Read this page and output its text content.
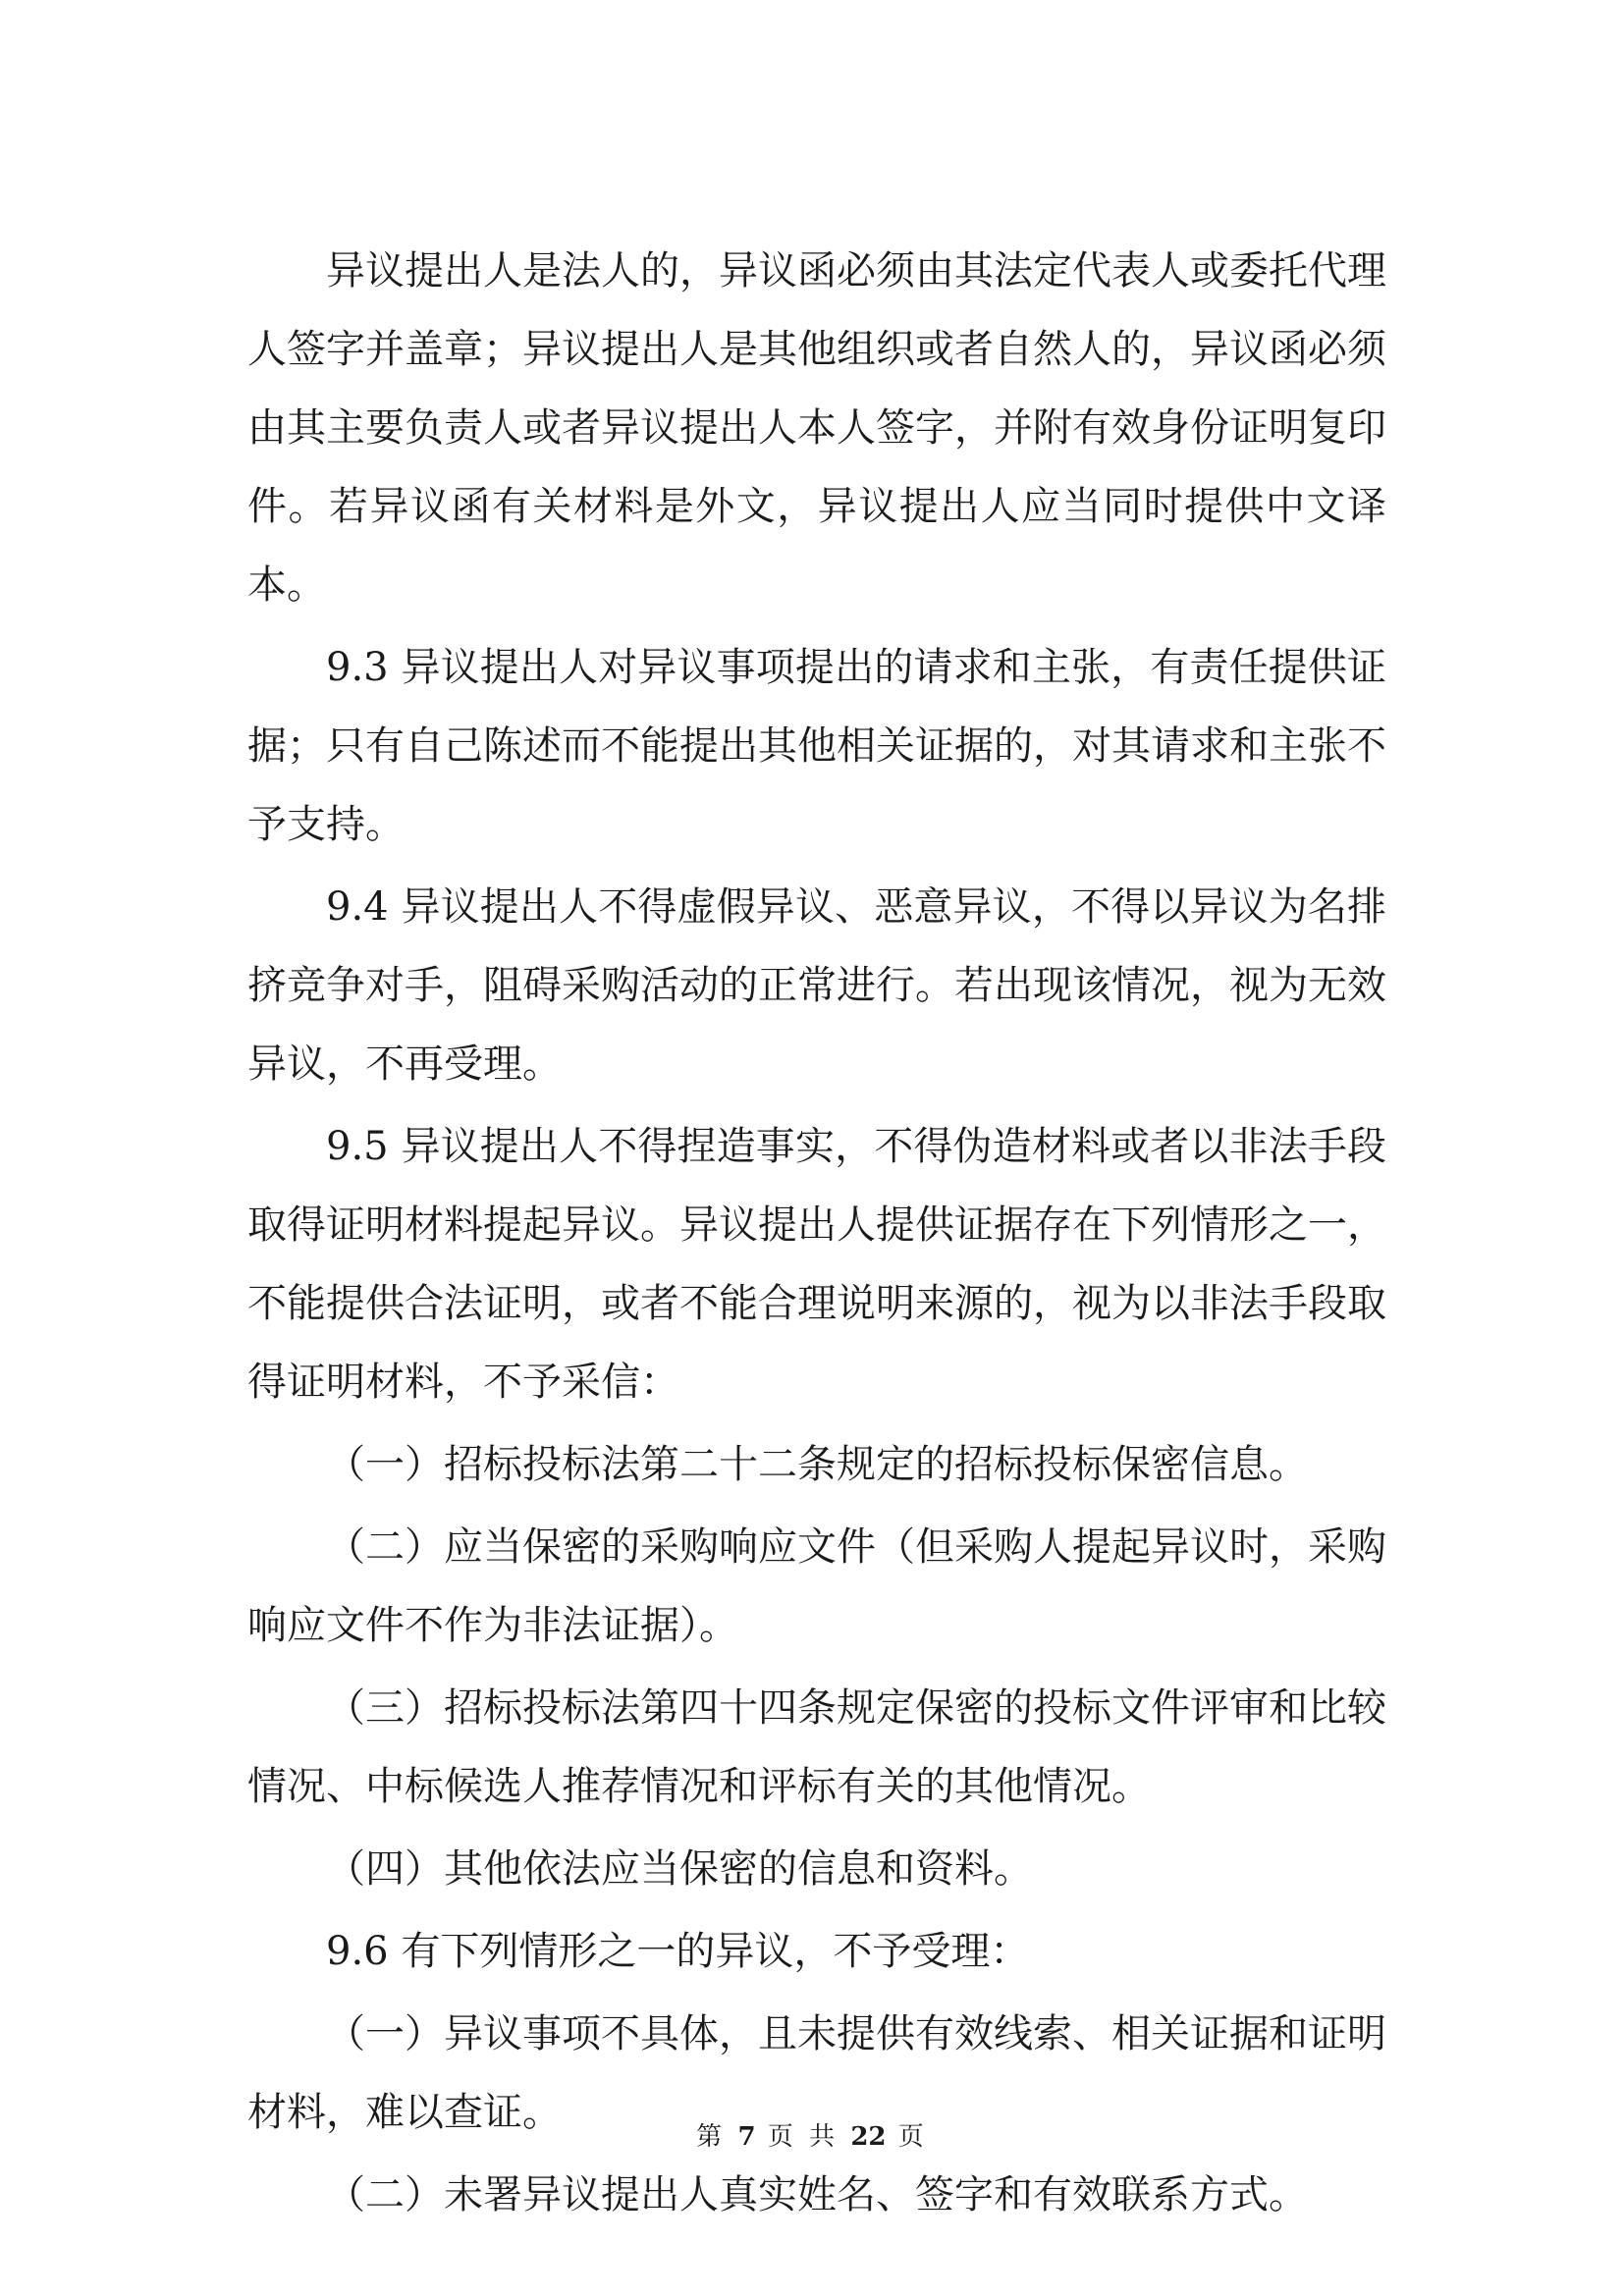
异议提出人是法人的，异议函必须由其法定代表人或委托代理人签字并盖章；异议提出人是其他组织或者自然人的，异议函必须由其主要负责人或者异议提出人本人签字，并附有效身份证明复印件。若异议函有关材料是外文，异议提出人应当同时提供中文译本。

9.3 异议提出人对异议事项提出的请求和主张，有责任提供证据；只有自己陈述而不能提出其他相关证据的，对其请求和主张不予支持。

9.4 异议提出人不得虚假异议、恶意异议，不得以异议为名排挤竞争对手，阻碍采购活动的正常进行。若出现该情况，视为无效异议，不再受理。

9.5 异议提出人不得捏造事实，不得伪造材料或者以非法手段取得证明材料提起异议。异议提出人提供证据存在下列情形之一，不能提供合法证明，或者不能合理说明来源的，视为以非法手段取得证明材料，不予采信：

（一）招标投标法第二十二条规定的招标投标保密信息。

（二）应当保密的采购响应文件（但采购人提起异议时，采购响应文件不作为非法证据）。

（三）招标投标法第四十四条规定保密的投标文件评审和比较情况、中标候选人推荐情况和评标有关的其他情况。

（四）其他依法应当保密的信息和资料。

9.6 有下列情形之一的异议，不予受理：

（一）异议事项不具体，且未提供有效线索、相关证据和证明材料，难以查证。

（二）未署异议提出人真实姓名、签字和有效联系方式。

第 7 页 共 22 页
